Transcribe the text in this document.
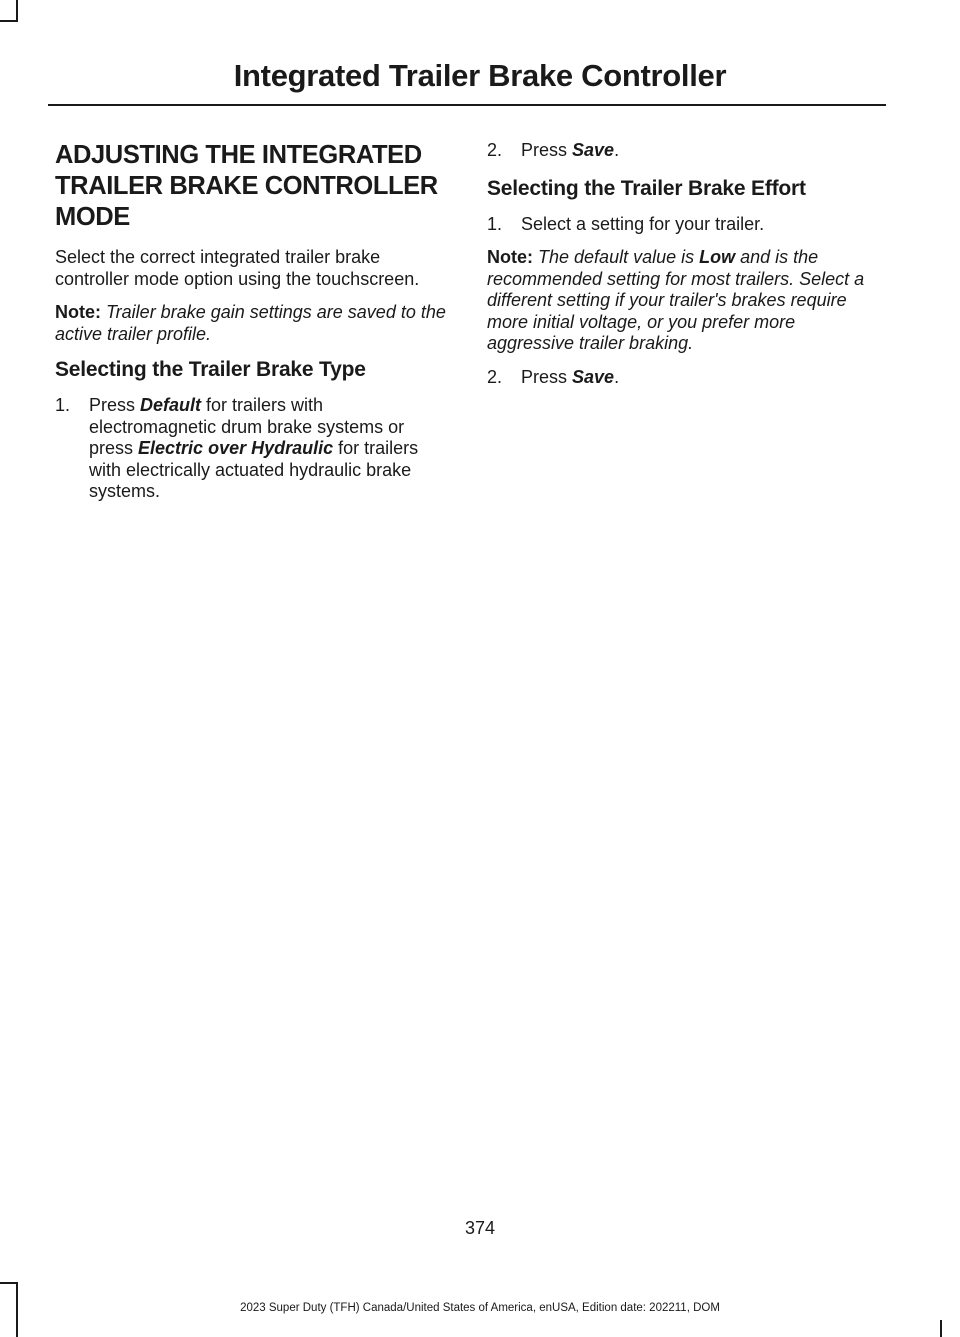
Integrated Trailer Brake Controller
ADJUSTING THE INTEGRATED TRAILER BRAKE CONTROLLER MODE

Select the correct integrated trailer brake controller mode option using the touchscreen.

Note: Trailer brake gain settings are saved to the active trailer profile.

Selecting the Trailer Brake Type
1.	Press Default for trailers with electromagnetic drum brake systems or press Electric over Hydraulic for trailers with electrically actuated hydraulic brake systems.
2.	Press Save.
Selecting the Trailer Brake Effort
1.	Select a setting for your trailer.

Note: The default value is Low and is the recommended setting for most trailers. Select a different setting if your trailer's brakes require more initial voltage, or you prefer more aggressive trailer braking.

2.	Press Save.
374
2023 Super Duty (TFH) Canada/United States of America, enUSA, Edition date: 202211, DOM
